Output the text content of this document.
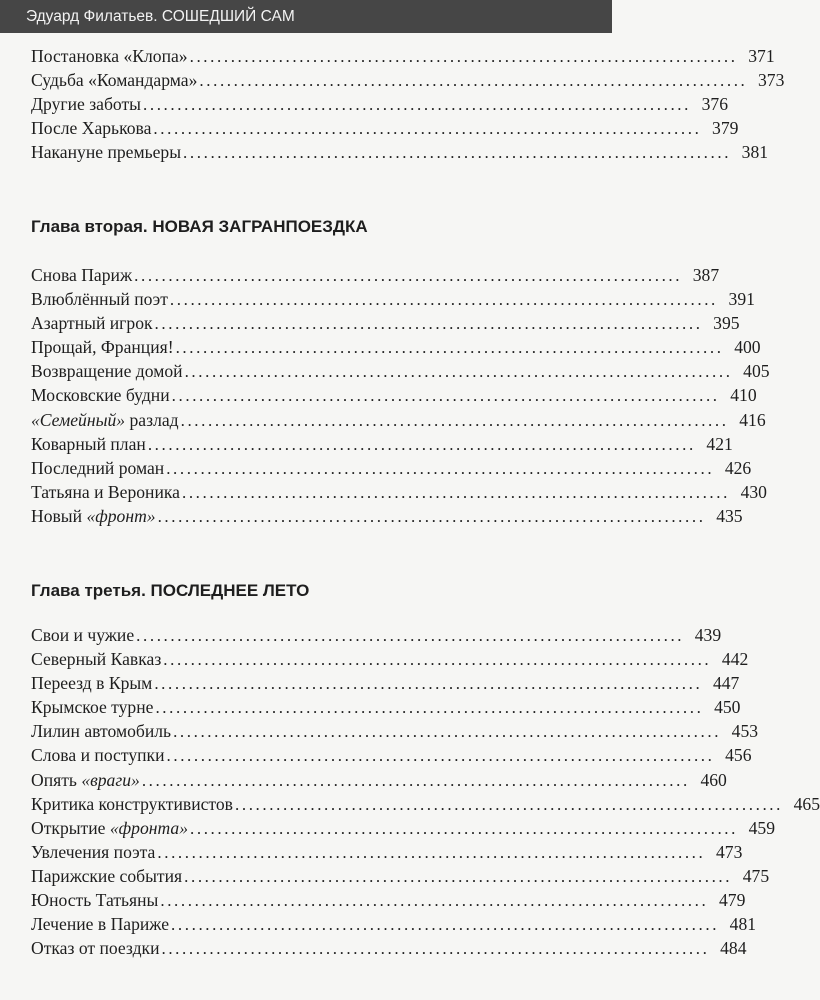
Эдуард Филатьев. СОШЕДШИЙ САМ
Постановка «Клопа» ................................................................................ 371
Судьба «Командарма» ................................................................................ 373
Другие заботы ................................................................................ 376
После Харькова ................................................................................ 379
Накануне премьеры ................................................................................ 381
Глава вторая. НОВАЯ ЗАГРАНПОЕЗДКА
Снова Париж ................................................................................ 387
Влюблённый поэт ................................................................................ 391
Азартный игрок ................................................................................ 395
Прощай, Франция! ................................................................................ 400
Возвращение домой ................................................................................ 405
Московские будни ................................................................................ 410
«Семейный» разлад ................................................................................ 416
Коварный план ................................................................................ 421
Последний роман ................................................................................ 426
Татьяна и Вероника ................................................................................ 430
Новый «фронт» ................................................................................ 435
Глава третья. ПОСЛЕДНЕЕ ЛЕТО
Свои и чужие ................................................................................ 439
Северный Кавказ ................................................................................ 442
Переезд в Крым ................................................................................ 447
Крымское турне ................................................................................ 450
Лилин автомобиль ................................................................................ 453
Слова и поступки ................................................................................ 456
Опять «враги» ................................................................................ 460
Критика конструктивистов ................................................................................ 465
Открытие «фронта» ................................................................................ 459
Увлечения поэта ................................................................................ 473
Парижские события ................................................................................ 475
Юность Татьяны ................................................................................ 479
Лечение в Париже ................................................................................ 481
Отказ от поездки ................................................................................ 484
